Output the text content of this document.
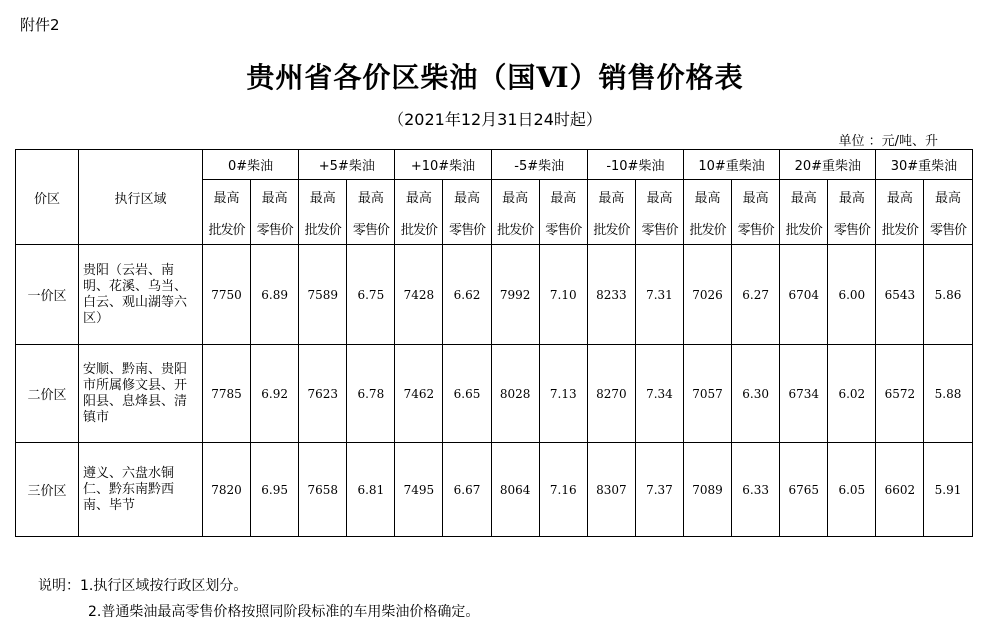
附件2
贵州省各价区柴油（国Ⅵ）销售价格表
（2021年12月31日24时起）
单位 ：元/吨、升
价区	执行区域	0#柴油		+5#柴油		+10#柴油		-5#柴油		-10#柴油		10#重柴油		20#重柴油		30#重柴油	
		最高	最高	最高	最高	最高	最高	最高	最高	最高	最高	最高	最高	最高	最高	最高	最高
		批发价	零售价	批发价	零售价	批发价	零售价	批发价	零售价	批发价	零售价	批发价	零售价	批发价	零售价	批发价	零售价
一价区	贵阳（云岩、南明、花溪、乌当、白云、观山湖等六区）	7750	6.89	7589	6.75	7428	6.62	7992	7.10	8233	7.31	7026	6.27	6704	6.00	6543	5.86
二价区	安顺、黔南、贵阳市所属修文县、开阳县、息烽县、清镇市	7785	6.92	7623	6.78	7462	6.65	8028	7.13	8270	7.34	7057	6.30	6734	6.02	6572	5.88
三价区	遵义、六盘水铜仁、黔东南黔西南、毕节	7820	6.95	7658	6.81	7495	6.67	8064	7.16	8307	7.37	7089	6.33	6765	6.05	6602	5.91
说明：1.执行区域按行政区划分。
2.普通柴油最高零售价格按照同阶段标准的车用柴油价格确定。
